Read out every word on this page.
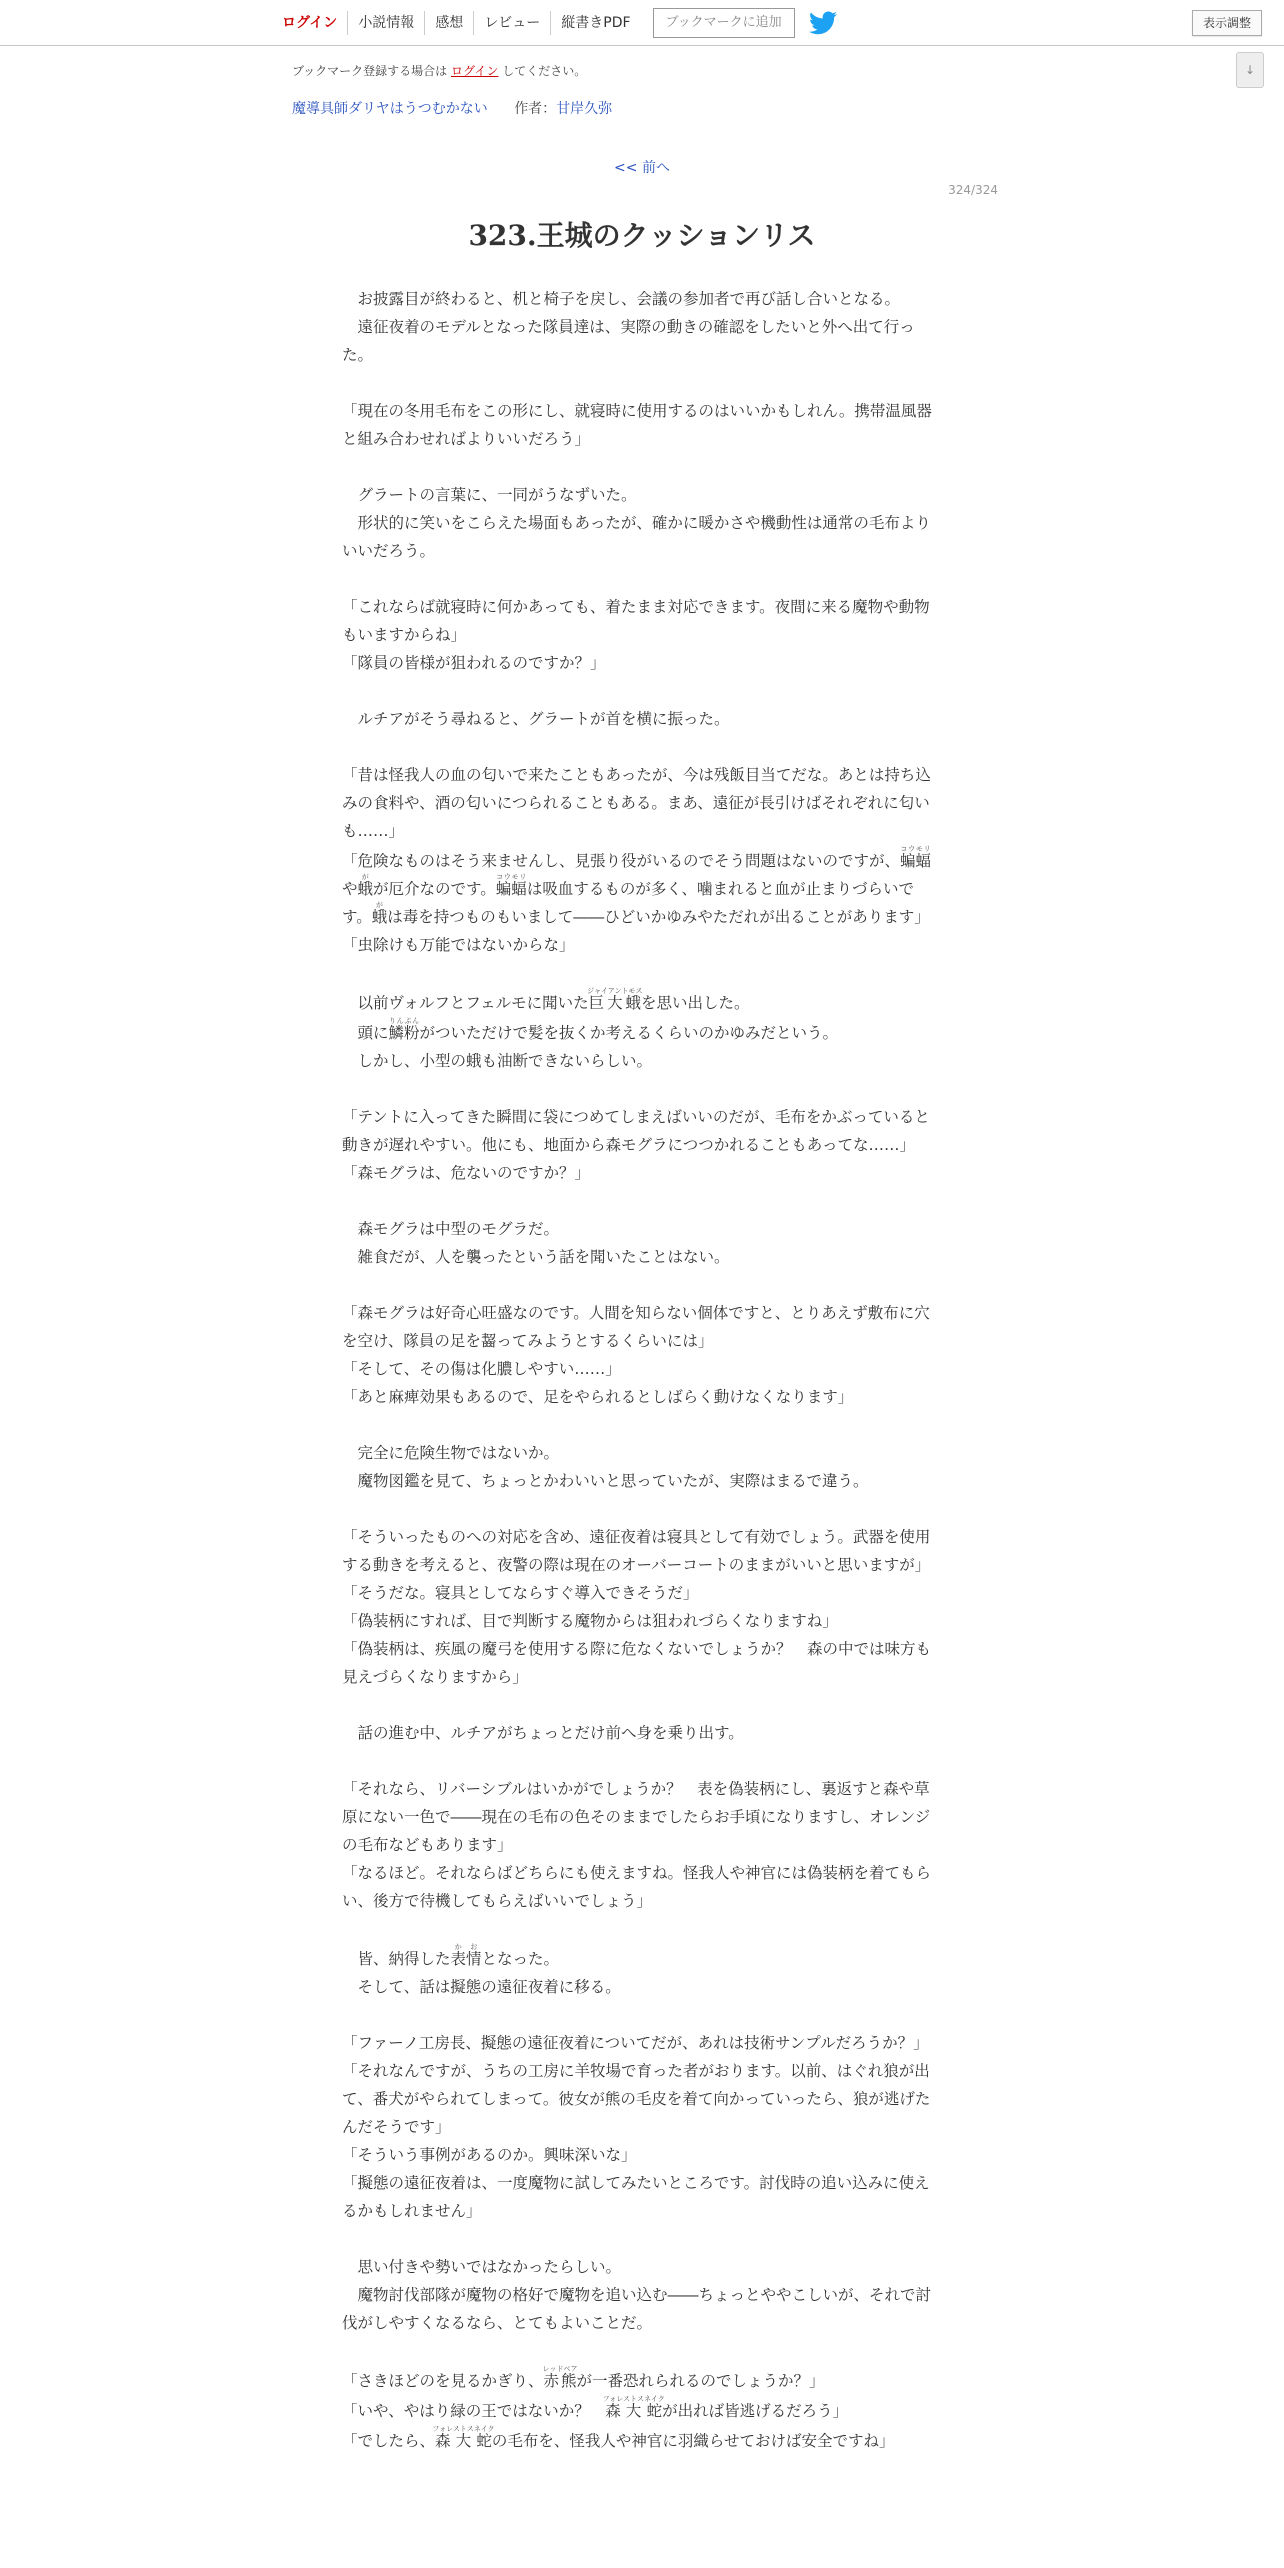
ログイン	小説情報	感想	レビュー	縦書きPDF	ブックマークに追加	表示調整
↓
ブックマーク登録する場合は ログイン してください。
魔導具師ダリヤはうつむかない 作者：甘岸久弥
<< 前へ
324/324
323.王城のクッションリス

　お披露目が終わると、机と椅子を戻し、会議の参加者で再び話し合いとなる。

　遠征夜着のモデルとなった隊員達は、実際の動きの確認をしたいと外へ出て行った。

「現在の冬用毛布をこの形にし、就寝時に使用するのはいいかもしれん。携帯温風器と組み合わせればよりいいだろう」

　グラートの言葉に、一同がうなずいた。

　形状的に笑いをこらえた場面もあったが、確かに暖かさや機動性は通常の毛布よりいいだろう。

「これならば就寝時に何かあっても、着たまま対応できます。夜間に来る魔物や動物もいますからね」

「隊員の皆様が狙われるのですか？」

　ルチアがそう尋ねると、グラートが首を横に振った。

「昔は怪我人の血の匂いで来たこともあったが、今は残飯目当てだな。あとは持ち込みの食料や、酒の匂いにつられることもある。まあ、遠征が長引けばそれぞれに匂いも……」

「危険なものはそう来ませんし、見張り役がいるのでそう問題はないのですが、蝙蝠コウモリや蛾がが厄介なのです。蝙蝠コウモリは吸血するものが多く、噛まれると血が止まりづらいです。蛾がは毒を持つものもいまして――ひどいかゆみやただれが出ることがあります」

「虫除けも万能ではないからな」

　以前ヴォルフとフェルモに聞いた巨大蛾ジャイアントモスを思い出した。

　頭に鱗粉りんぷんがついただけで髪を抜くか考えるくらいのかゆみだという。

　しかし、小型の蛾も油断できないらしい。

「テントに入ってきた瞬間に袋につめてしまえばいいのだが、毛布をかぶっていると動きが遅れやすい。他にも、地面から森モグラにつつかれることもあってな……」

「森モグラは、危ないのですか？」

　森モグラは中型のモグラだ。

　雑食だが、人を襲ったという話を聞いたことはない。

「森モグラは好奇心旺盛なのです。人間を知らない個体ですと、とりあえず敷布に穴を空け、隊員の足を齧ってみようとするくらいには」

「そして、その傷は化膿しやすい……」

「あと麻痺効果もあるので、足をやられるとしばらく動けなくなります」

　完全に危険生物ではないか。

　魔物図鑑を見て、ちょっとかわいいと思っていたが、実際はまるで違う。

「そういったものへの対応を含め、遠征夜着は寝具として有効でしょう。武器を使用する動きを考えると、夜警の際は現在のオーバーコートのままがいいと思いますが」

「そうだな。寝具としてならすぐ導入できそうだ」

「偽装柄にすれば、目で判断する魔物からは狙われづらくなりますね」

「偽装柄は、疾風の魔弓を使用する際に危なくないでしょうか？　森の中では味方も見えづらくなりますから」

　話の進む中、ルチアがちょっとだけ前へ身を乗り出す。

「それなら、リバーシブルはいかがでしょうか？　表を偽装柄にし、裏返すと森や草原にない一色で――現在の毛布の色そのままでしたらお手頃になりますし、オレンジの毛布などもあります」

「なるほど。それならばどちらにも使えますね。怪我人や神官には偽装柄を着てもらい、後方で待機してもらえばいいでしょう」

　皆、納得した表情かおとなった。

　そして、話は擬態の遠征夜着に移る。

「ファーノ工房長、擬態の遠征夜着についてだが、あれは技術サンプルだろうか？」

「それなんですが、うちの工房に羊牧場で育った者がおります。以前、はぐれ狼が出て、番犬がやられてしまって。彼女が熊の毛皮を着て向かっていったら、狼が逃げたんだそうです」

「そういう事例があるのか。興味深いな」

「擬態の遠征夜着は、一度魔物に試してみたいところです。討伐時の追い込みに使えるかもしれません」

　思い付きや勢いではなかったらしい。

　魔物討伐部隊が魔物の格好で魔物を追い込む――ちょっとややこしいが、それで討伐がしやすくなるなら、とてもよいことだ。

「さきほどのを見るかぎり、赤熊レッドベアが一番恐れられるのでしょうか？」

「いや、やはり緑の王ではないか？　森大蛇フォレストスネイクが出れば皆逃げるだろう」

「でしたら、森大蛇フォレストスネイクの毛布を、怪我人や神官に羽織らせておけば安全ですね」
